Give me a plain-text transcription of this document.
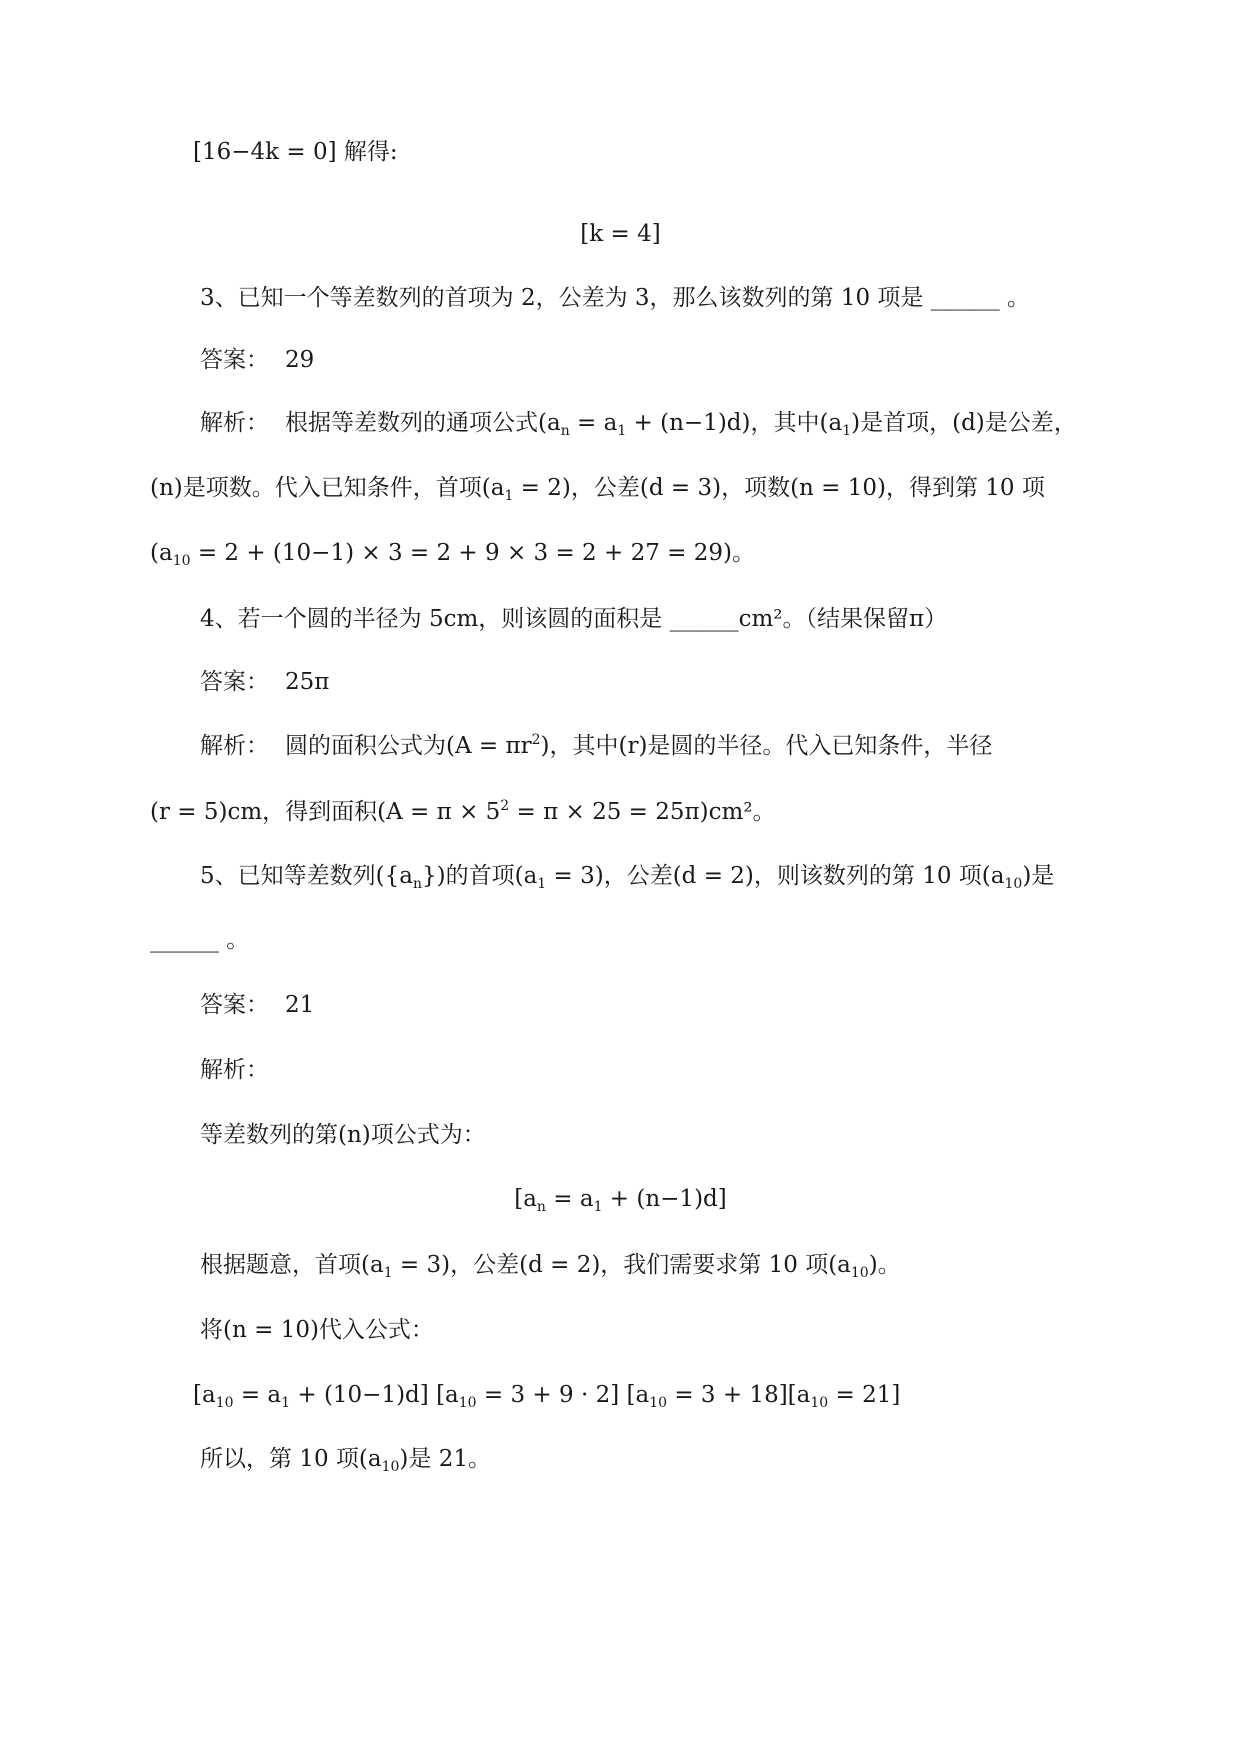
[16−4k = 0] 解得:
[k = 4]
3、已知一个等差数列的首项为 2，公差为 3，那么该数列的第 10 项是 ______ 。
答案： 29
解析： 根据等差数列的通项公式$(a_n = a_1 + (n-1)d)$，其中$(a_1)$是首项，(d)是公差，
(n)是项数。代入已知条件，首项$(a_1 = 2)$，公差(d = 3)，项数(n = 10)，得到第 10 项
$(a_{10} = 2 + (10-1) \times 3 = 2 + 9 \times 3 = 2 + 27 = 29)$。
4、若一个圆的半径为 5cm，则该圆的面积是 ______cm²。（结果保留π）
答案： 25π
解析： 圆的面积公式为$(A = \pi r^2)$，其中(r)是圆的半径。代入已知条件，半径
(r = 5)cm，得到面积$(A = \pi \times 5^2 = \pi \times 25 = 25\pi)cm^2$。
5、已知等差数列$(\{a_n\})$的首项$(a_1 = 3)$，公差(d = 2)，则该数列的第 10 项$(a_{10})$是
______ 。
答案： 21
解析：
等差数列的第(n)项公式为：
$[a_n = a_1 + (n-1)d]$
根据题意，首项$(a_1 = 3)$，公差(d = 2)，我们需要求第 10 项$(a_{10})$。
将(n = 10)代入公式：
$[a_{10} = a_1 + (10-1)d] [a_{10} = 3 + 9 \cdot 2] [a_{10} = 3 + 18][a_{10} = 21]$
所以，第 10 项$(a_{10})$是 21。
